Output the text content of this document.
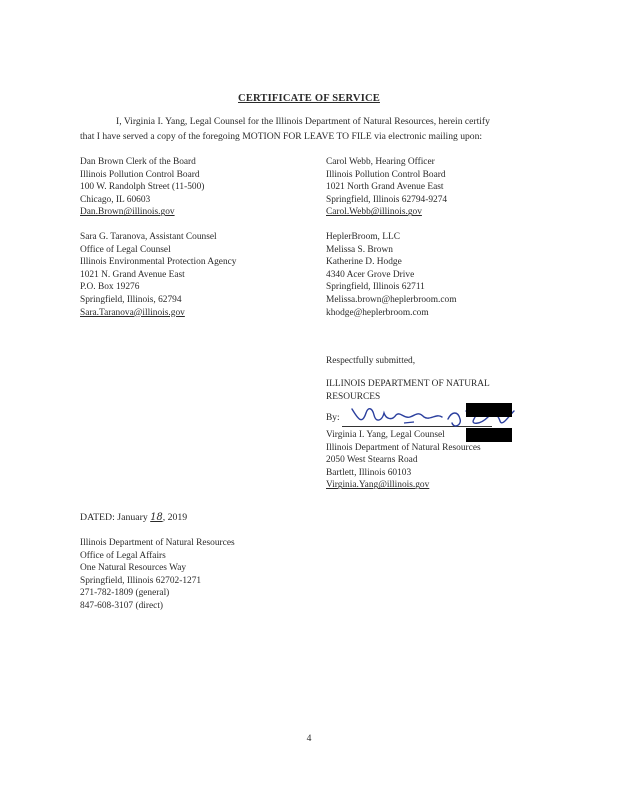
CERTIFICATE OF SERVICE
I, Virginia I. Yang, Legal Counsel for the Illinois Department of Natural Resources, herein certify
that I have served a copy of the foregoing MOTION FOR LEAVE TO FILE via electronic mailing upon:
Dan Brown Clerk of the Board
Illinois Pollution Control Board
100 W. Randolph Street (11-500)
Chicago, IL 60603
Dan.Brown@illinois.gov
Carol Webb, Hearing Officer
Illinois Pollution Control Board
1021 North Grand Avenue East
Springfield, Illinois 62794-9274
Carol.Webb@illinois.gov
Sara G. Taranova, Assistant Counsel
Office of Legal Counsel
Illinois Environmental Protection Agency
1021 N. Grand Avenue East
P.O. Box 19276
Springfield, Illinois, 62794
Sara.Taranova@illinois.gov
HeplerBroom, LLC
Melissa S. Brown
Katherine D. Hodge
4340 Acer Grove Drive
Springfield, Illinois 62711
Melissa.brown@heplerbroom.com
khodge@heplerbroom.com
Respectfully submitted,
ILLINOIS DEPARTMENT OF NATURAL
RESOURCES
By:
Virginia I. Yang, Legal Counsel
Illinois Department of Natural Resources
2050 West Stearns Road
Bartlett, Illinois 60103
Virginia.Yang@illinois.gov
DATED: January 18, 2019
Illinois Department of Natural Resources
Office of Legal Affairs
One Natural Resources Way
Springfield, Illinois 62702-1271
271-782-1809 (general)
847-608-3107 (direct)
4
